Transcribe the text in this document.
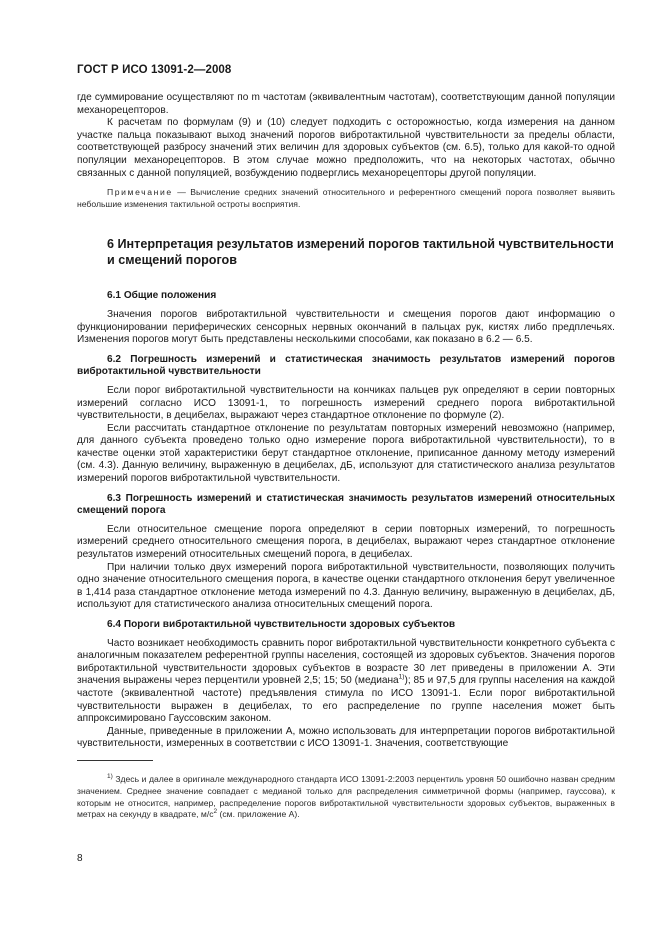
ГОСТ Р ИСО 13091-2—2008

где суммирование осуществляют по m частотам (эквивалентным частотам), соответствующим данной популяции механорецепторов.

К расчетам по формулам (9) и (10) следует подходить с осторожностью, когда измерения на данном участке пальца показывают выход значений порогов вибротактильной чувствительности за пределы области, соответствующей разбросу значений этих величин для здоровых субъектов (см. 6.5), только для какой-то одной популяции механорецепторов. В этом случае можно предположить, что на некоторых частотах, обычно связанных с данной популяцией, возбуждению подверглись механорецепторы другой популяции.

Примечание — Вычисление средних значений относительного и референтного смещений порога позволяет выявить небольшие изменения тактильной остроты восприятия.

6 Интерпретация результатов измерений порогов тактильной чувствительности и смещений порогов
6.1 Общие положения

Значения порогов вибротактильной чувствительности и смещения порогов дают информацию о функционировании периферических сенсорных нервных окончаний в пальцах рук, кистях либо предплечьях. Изменения порогов могут быть представлены несколькими способами, как показано в 6.2 — 6.5.

6.2 Погрешность измерений и статистическая значимость результатов измерений порогов вибротактильной чувствительности

Если порог вибротактильной чувствительности на кончиках пальцев рук определяют в серии повторных измерений согласно ИСО 13091-1, то погрешность измерений среднего порога вибротактильной чувствительности, в децибелах, выражают через стандартное отклонение по формуле (2).

Если рассчитать стандартное отклонение по результатам повторных измерений невозможно (например, для данного субъекта проведено только одно измерение порога вибротактильной чувствительности), то в качестве оценки этой характеристики берут стандартное отклонение, приписанное данному методу измерений (см. 4.3). Данную величину, выраженную в децибелах, дБ, используют для статистического анализа результатов измерений порогов вибротактильной чувствительности.

6.3 Погрешность измерений и статистическая значимость результатов измерений относительных смещений порога

Если относительное смещение порога определяют в серии повторных измерений, то погрешность измерений среднего относительного смещения порога, в децибелах, выражают через стандартное отклонение результатов измерений относительных смещений порога, в децибелах.

При наличии только двух измерений порога вибротактильной чувствительности, позволяющих получить одно значение относительного смещения порога, в качестве оценки стандартного отклонения берут увеличенное в 1,414 раза стандартное отклонение метода измерений по 4.3. Данную величину, выраженную в децибелах, дБ, используют для статистического анализа относительных смещений порога.

6.4 Пороги вибротактильной чувствительности здоровых субъектов

Часто возникает необходимость сравнить порог вибротактильной чувствительности конкретного субъекта с аналогичным показателем референтной группы населения, состоящей из здоровых субъектов. Значения порогов вибротактильной чувствительности здоровых субъектов в возрасте 30 лет приведены в приложении А. Эти значения выражены через перцентили уровней 2,5; 15; 50 (медиана$^{1)}$); 85 и 97,5 для группы населения на каждой частоте (эквивалентной частоте) предъявления стимула по ИСО 13091-1. Если порог вибротактильной чувствительности выражен в децибелах, то его распределение по группе населения может быть аппроксимировано Гауссовским законом.

Данные, приведенные в приложении А, можно использовать для интерпретации порогов вибротактильной чувствительности, измеренных в соответствии с ИСО 13091-1. Значения, соответствующие

$^{1)}$ Здесь и далее в оригинале международного стандарта ИСО 13091-2:2003 перцентиль уровня 50 ошибочно назван средним значением. Среднее значение совпадает с медианой только для распределения симметричной формы (например, гауссова), к которым не относится, например, распределение порогов вибротактильной чувствительности здоровых субъектов, выраженных в метрах на секунду в квадрате, $м/с^2$ (см. приложение А).

8
